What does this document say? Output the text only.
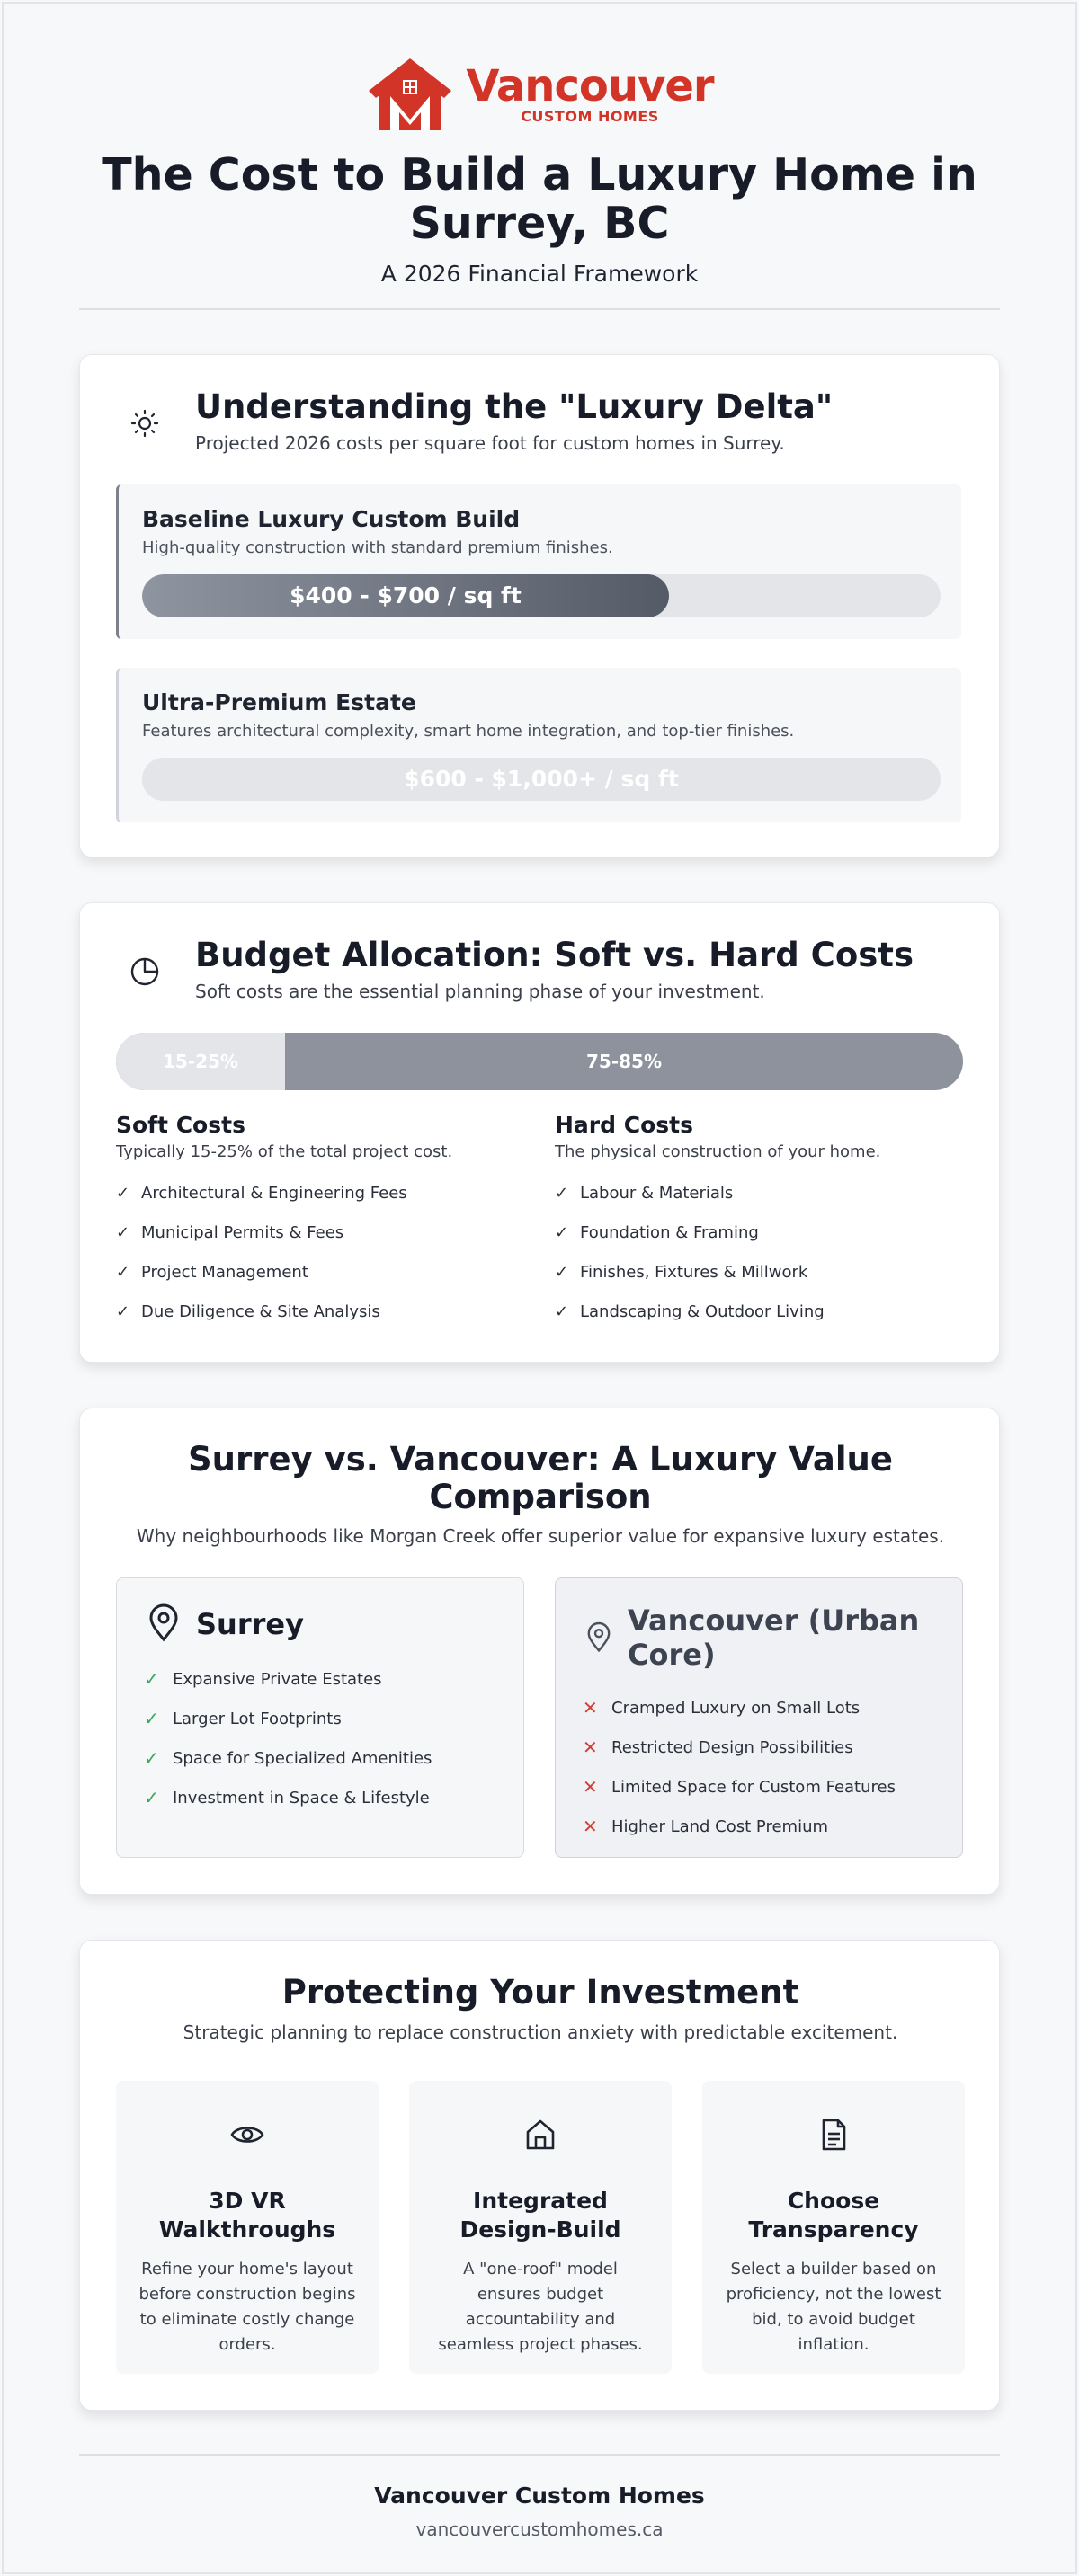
Vancouver
CUSTOM HOMES
The Cost to Build a Luxury Home in Surrey, BC
A 2026 Financial Framework
Understanding the "Luxury Delta"
Projected 2026 costs per square foot for custom homes in Surrey.
Baseline Luxury Custom Build
High-quality construction with standard premium finishes.
$400 - $700 / sq ft
Ultra-Premium Estate
Features architectural complexity, smart home integration, and top-tier finishes.
$600 - $1,000+ / sq ft
Budget Allocation: Soft vs. Hard Costs
Soft costs are the essential planning phase of your investment.
15-25%	75-85%
Soft Costs
Typically 15-25% of the total project cost.
✓ Architectural & Engineering Fees
✓ Municipal Permits & Fees
✓ Project Management
✓ Due Diligence & Site Analysis
Hard Costs
The physical construction of your home.
✓ Labour & Materials
✓ Foundation & Framing
✓ Finishes, Fixtures & Millwork
✓ Landscaping & Outdoor Living
Surrey vs. Vancouver: A Luxury Value Comparison
Why neighbourhoods like Morgan Creek offer superior value for expansive luxury estates.
Surrey
✓ Expansive Private Estates
✓ Larger Lot Footprints
✓ Space for Specialized Amenities
✓ Investment in Space & Lifestyle
Vancouver (Urban Core)
✕ Cramped Luxury on Small Lots
✕ Restricted Design Possibilities
✕ Limited Space for Custom Features
✕ Higher Land Cost Premium
Protecting Your Investment
Strategic planning to replace construction anxiety with predictable excitement.
3D VR Walkthroughs
Refine your home's layout before construction begins to eliminate costly change orders.
Integrated Design-Build
A "one-roof" model ensures budget accountability and seamless project phases.
Choose Transparency
Select a builder based on proficiency, not the lowest bid, to avoid budget inflation.
Vancouver Custom Homes
vancouvercustomhomes.ca
